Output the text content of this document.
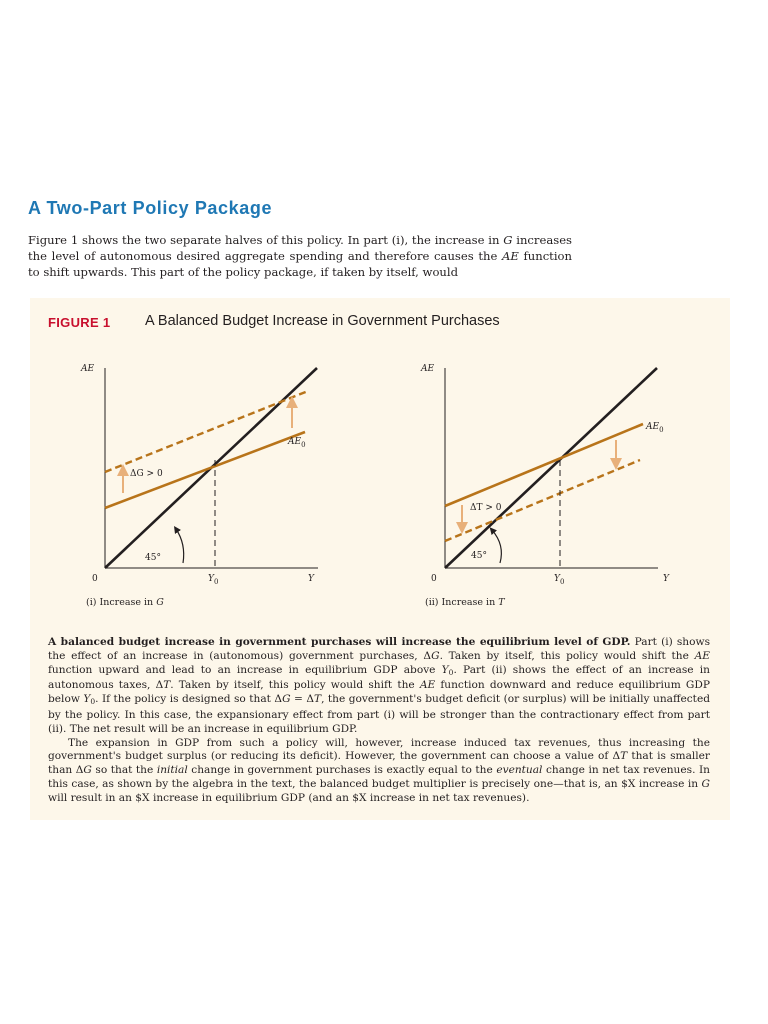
A Two-Part Policy Package

Figure 1 shows the two separate halves of this policy. In part (i), the increase in G increases the level of autonomous desired aggregate spending and therefore causes the AE function to shift upwards. This part of the policy package, if taken by itself, would

FIGURE 1 A Balanced Budget Increase in Government Purchases
45°
AE
Y
0	$Y_0$
$AE_0$
ΔG > 0
45°
AE
Y
0	$Y_0$
$AE_0$
ΔT > 0
(i) Increase in G	(ii) Increase in T

A balanced budget increase in government purchases will increase the equilibrium level of GDP. Part (i) shows the effect of an increase in (autonomous) government purchases, ΔG. Taken by itself, this policy would shift the AE function upward and lead to an increase in equilibrium GDP above $Y_0$. Part (ii) shows the effect of an increase in autonomous taxes, ΔT. Taken by itself, this policy would shift the AE function downward and reduce equilibrium GDP below $Y_0$. If the policy is designed so that ΔG = ΔT, the government's budget deficit (or surplus) will be initially unaffected by the policy. In this case, the expansionary effect from part (i) will be stronger than the contractionary effect from part (ii). The net result will be an increase in equilibrium GDP.

The expansion in GDP from such a policy will, however, increase induced tax revenues, thus increasing the government's budget surplus (or reducing its deficit). However, the government can choose a value of ΔT that is smaller than ΔG so that the initial change in government purchases is exactly equal to the eventual change in net tax revenues. In this case, as shown by the algebra in the text, the balanced budget multiplier is precisely one—that is, an $X increase in G will result in an $X increase in equilibrium GDP (and an $X increase in net tax revenues).
